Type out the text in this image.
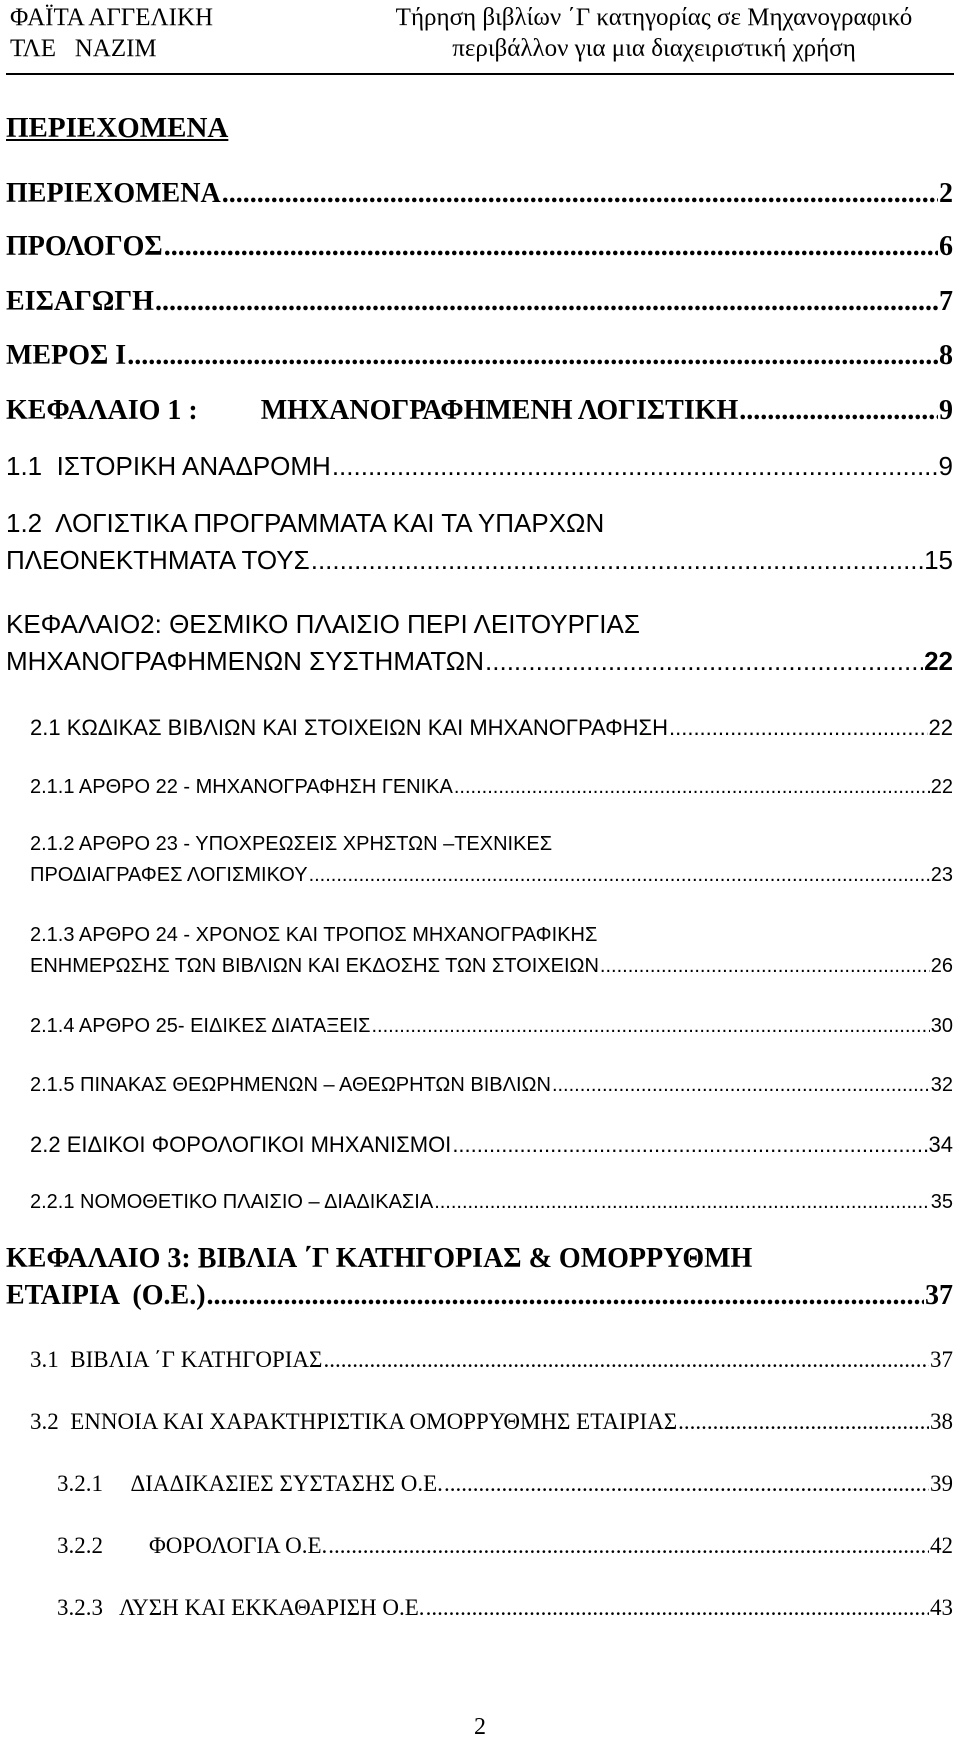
ΦΑΪΤΑ ΑΓΓΕΛΙΚΗ
ΤΛΕ   ΝΑΖΙΜ
Τήρηση βιβλίων ΄Γ κατηγορίας σε Μηχανογραφικό
περιβάλλον για μια διαχειριστική χρήση
ΠΕΡΙΕΧΟΜΕΝΑ
ΠΕΡΙΕΧΟΜΕΝΑ .....	2
ΠΡΟΛΟΓΟΣ .....	6
ΕΙΣΑΓΩΓΗ .....	7
ΜΕΡΟΣ Ι .....	8
ΚΕΦΑΛΑΙΟ 1 :         ΜΗΧΑΝΟΓΡΑΦΗΜΕΝΗ ΛΟΓΙΣΤΙΚΗ .....	9
1.1  ΙΣΤΟΡΙΚΗ ΑΝΑΔΡΟΜΗ .....	9
1.2  ΛΟΓΙΣΤΙΚΑ ΠΡΟΓΡΑΜΜΑΤΑ ΚΑΙ ΤΑ ΥΠΑΡΧΩΝ
ΠΛΕΟΝΕΚΤΗΜΑΤΑ ΤΟΥΣ .....	15
ΚΕΦΑΛΑΙΟ2: ΘΕΣΜΙΚΟ ΠΛΑΙΣΙΟ ΠΕΡΙ ΛΕΙΤΟΥΡΓΙΑΣ
ΜΗΧΑΝΟΓΡΑΦΗΜΕΝΩΝ ΣΥΣΤΗΜΑΤΩΝ .....	22
2.1 ΚΩΔΙΚΑΣ ΒΙΒΛΙΩΝ ΚΑΙ ΣΤΟΙΧΕΙΩΝ ΚΑΙ ΜΗΧΑΝΟΓΡΑΦΗΣΗ .....	22
2.1.1 ΑΡΘΡΟ 22 - ΜΗΧΑΝΟΓΡΑΦΗΣΗ ΓΕΝΙΚΑ .....	22
2.1.2 ΑΡΘΡΟ 23 - ΥΠΟΧΡΕΩΣΕΙΣ ΧΡΗΣΤΩΝ –ΤΕΧΝΙΚΕΣ
ΠΡΟΔΙΑΓΡΑΦΕΣ ΛΟΓΙΣΜΙΚΟΥ .....	23
2.1.3 ΑΡΘΡΟ 24 - ΧΡΟΝΟΣ ΚΑΙ ΤΡΟΠΟΣ ΜΗΧΑΝΟΓΡΑΦΙΚΗΣ
ΕΝΗΜΕΡΩΣΗΣ ΤΩΝ ΒΙΒΛΙΩΝ ΚΑΙ ΕΚΔΟΣΗΣ ΤΩΝ ΣΤΟΙΧΕΙΩΝ .....	26
2.1.4 ΑΡΘΡΟ 25- ΕΙΔΙΚΕΣ ΔΙΑΤΑΞΕΙΣ .....	30
2.1.5 ΠΙΝΑΚΑΣ ΘΕΩΡΗΜΕΝΩΝ – ΑΘΕΩΡΗΤΩΝ ΒΙΒΛΙΩΝ .....	32
2.2 ΕΙΔΙΚΟΙ ΦΟΡΟΛΟΓΙΚΟΙ ΜΗΧΑΝΙΣΜΟΙ .....	34
2.2.1 ΝΟΜΟΘΕΤΙΚΟ ΠΛΑΙΣΙΟ – ΔΙΑΔΙΚΑΣΙΑ .....	35
ΚΕΦΑΛΑΙΟ 3: ΒΙΒΛΙΑ ΄Γ ΚΑΤΗΓΟΡΙΑΣ & ΟΜΟΡΡΥΘΜΗ
ΕΤΑΙΡΙΑ  (Ο.Ε.) .....	37
3.1  ΒΙΒΛΙΑ ΄Γ ΚΑΤΗΓΟΡΙΑΣ .....	37
3.2  ΕΝΝΟΙΑ ΚΑΙ ΧΑΡΑΚΤΗΡΙΣΤΙΚΑ ΟΜΟΡΡΥΘΜΗΣ ΕΤΑΙΡΙΑΣ .....	38
3.2.1     ΔΙΑΔΙΚΑΣΙΕΣ ΣΥΣΤΑΣΗΣ Ο.Ε. .....	39
3.2.2        ΦΟΡΟΛΟΓΙΑ Ο.Ε. .....	42
3.2.3   ΛΥΣΗ ΚΑΙ ΕΚΚΑΘΑΡΙΣΗ Ο.Ε. .....	43
2
